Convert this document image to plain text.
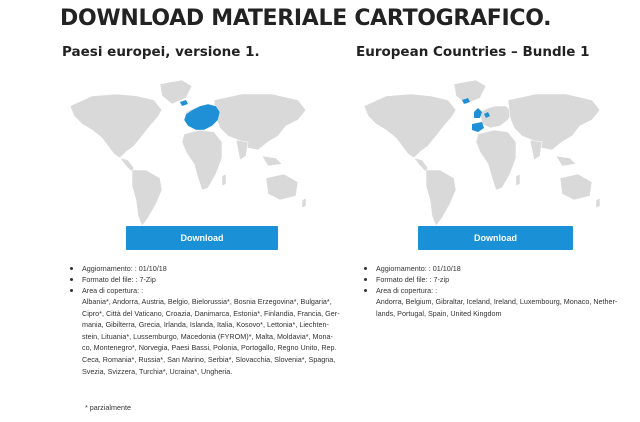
DOWNLOAD MATERIALE CARTOGRAFICO.
Paesi europei, versione 1.
Download
Aggiornamento: : 01/10/18
Formato del file: : 7-Zip
Area di copertura: :
European Countries – Bundle 1
Download
Aggiornamento: : 01/10/18
Formato del file: : 7-zip
Area di copertura: :
Albania*, Andorra, Austria, Belgio, Bielorussia*, Bosnia Erzegovina*, Bulgaria*,
Cipro*, Città del Vaticano, Croazia, Danimarca, Estonia*, Finlandia, Francia, Ger-
mania, Gibilterra, Grecia, Irlanda, Islanda, Italia, Kosovo*, Lettonia*, Liechten-
stein, Lituania*, Lussemburgo, Macedonia (FYROM)*, Malta, Moldavia*, Mona-
co, Montenegro*, Norvegia, Paesi Bassi, Polonia, Portogallo, Regno Unito, Rep.
Ceca, Romania*, Russia*, San Marino, Serbia*, Slovacchia, Slovenia*, Spagna,
Svezia, Svizzera, Turchia*, Ucraina*, Ungheria.
Andorra, Belgium, Gibraltar, Iceland, Ireland, Luxembourg, Monaco, Nether-
lands, Portugal, Spain, United Kingdom
* parzialmente
